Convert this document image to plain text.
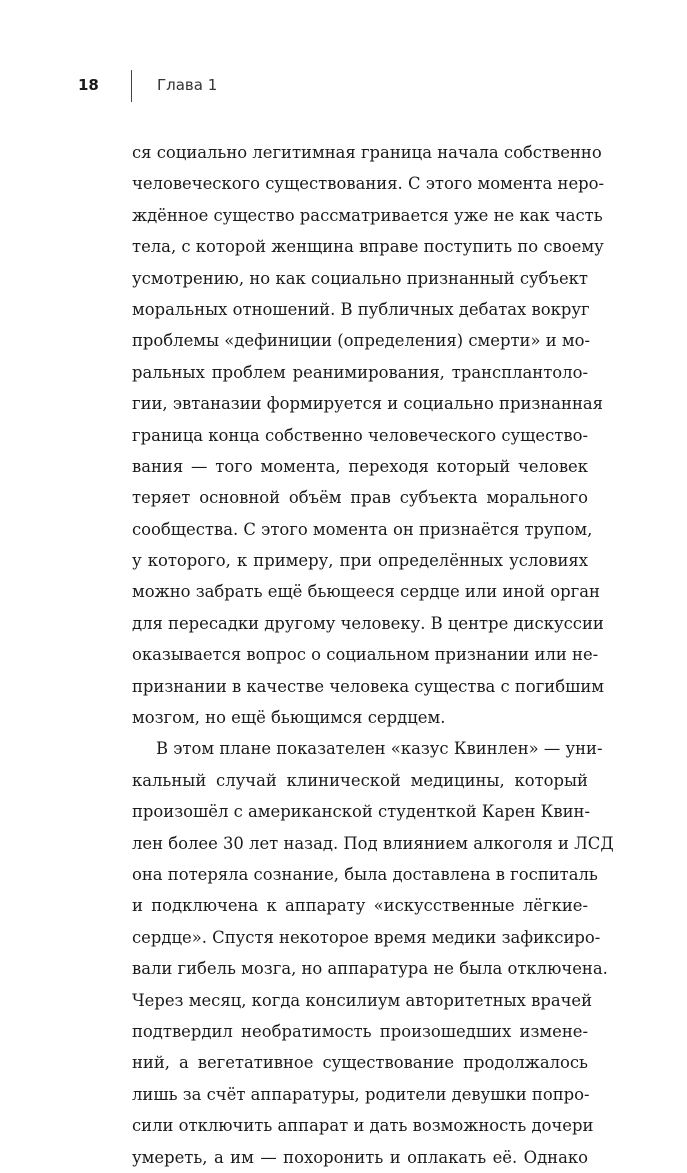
18	Глава 1
ся социально легитимная граница начала собственно
человеческого существования. С этого момента неро-
ждённое существо рассматривается уже не как часть
тела, с которой женщина вправе поступить по своему
усмотрению, но как социально признанный субъект
моральных отношений. В публичных дебатах вокруг
проблемы «дефиниции (определения) смерти» и мо-
ральных проблем реанимирования, трансплантоло-
гии, эвтаназии формируется и социально признанная
граница конца собственно человеческого существо-
вания — того момента, переходя который человек
теряет основной объём прав субъекта морального
сообщества. С этого момента он признаётся трупом,
у которого, к примеру, при определённых условиях
можно забрать ещё бьющееся сердце или иной орган
для пересадки другому человеку. В центре дискуссии
оказывается вопрос о социальном признании или не-
признании в качестве человека существа с погибшим
мозгом, но ещё бьющимся сердцем.
В этом плане показателен «казус Квинлен» — уни-
кальный случай клинической медицины, который
произошёл с американской студенткой Карен Квин-
лен более 30 лет назад. Под влиянием алкоголя и ЛСД
она потеряла сознание, была доставлена в госпиталь
и подключена к аппарату «искусственные лёгкие-
сердце». Спустя некоторое время медики зафиксиро-
вали гибель мозга, но аппаратура не была отключена.
Через месяц, когда консилиум авторитетных врачей
подтвердил необратимость произошедших измене-
ний, а вегетативное существование продолжалось
лишь за счёт аппаратуры, родители девушки попро-
сили отключить аппарат и дать возможность дочери
умереть, а им — похоронить и оплакать её. Однако
